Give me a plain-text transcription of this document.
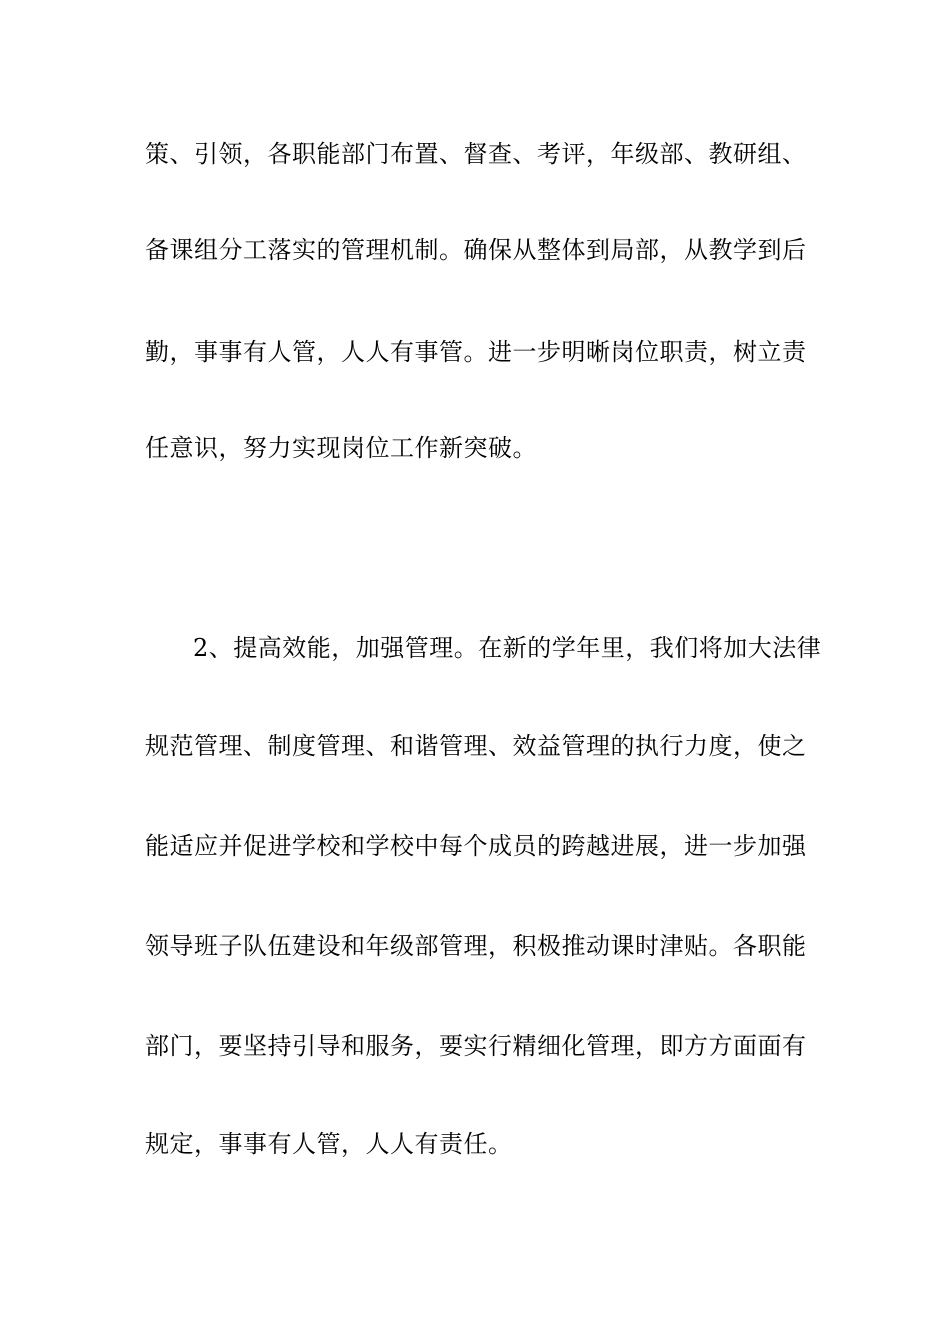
策、引领，各职能部门布置、督查、考评，年级部、教研组、
备课组分工落实的管理机制。确保从整体到局部，从教学到后
勤，事事有人管，人人有事管。进一步明晰岗位职责，树立责
任意识，努力实现岗位工作新突破。
2、提高效能，加强管理。在新的学年里，我们将加大法律
规范管理、制度管理、和谐管理、效益管理的执行力度，使之
能适应并促进学校和学校中每个成员的跨越进展，进一步加强
领导班子队伍建设和年级部管理，积极推动课时津贴。各职能
部门，要坚持引导和服务，要实行精细化管理，即方方面面有
规定，事事有人管，人人有责任。
